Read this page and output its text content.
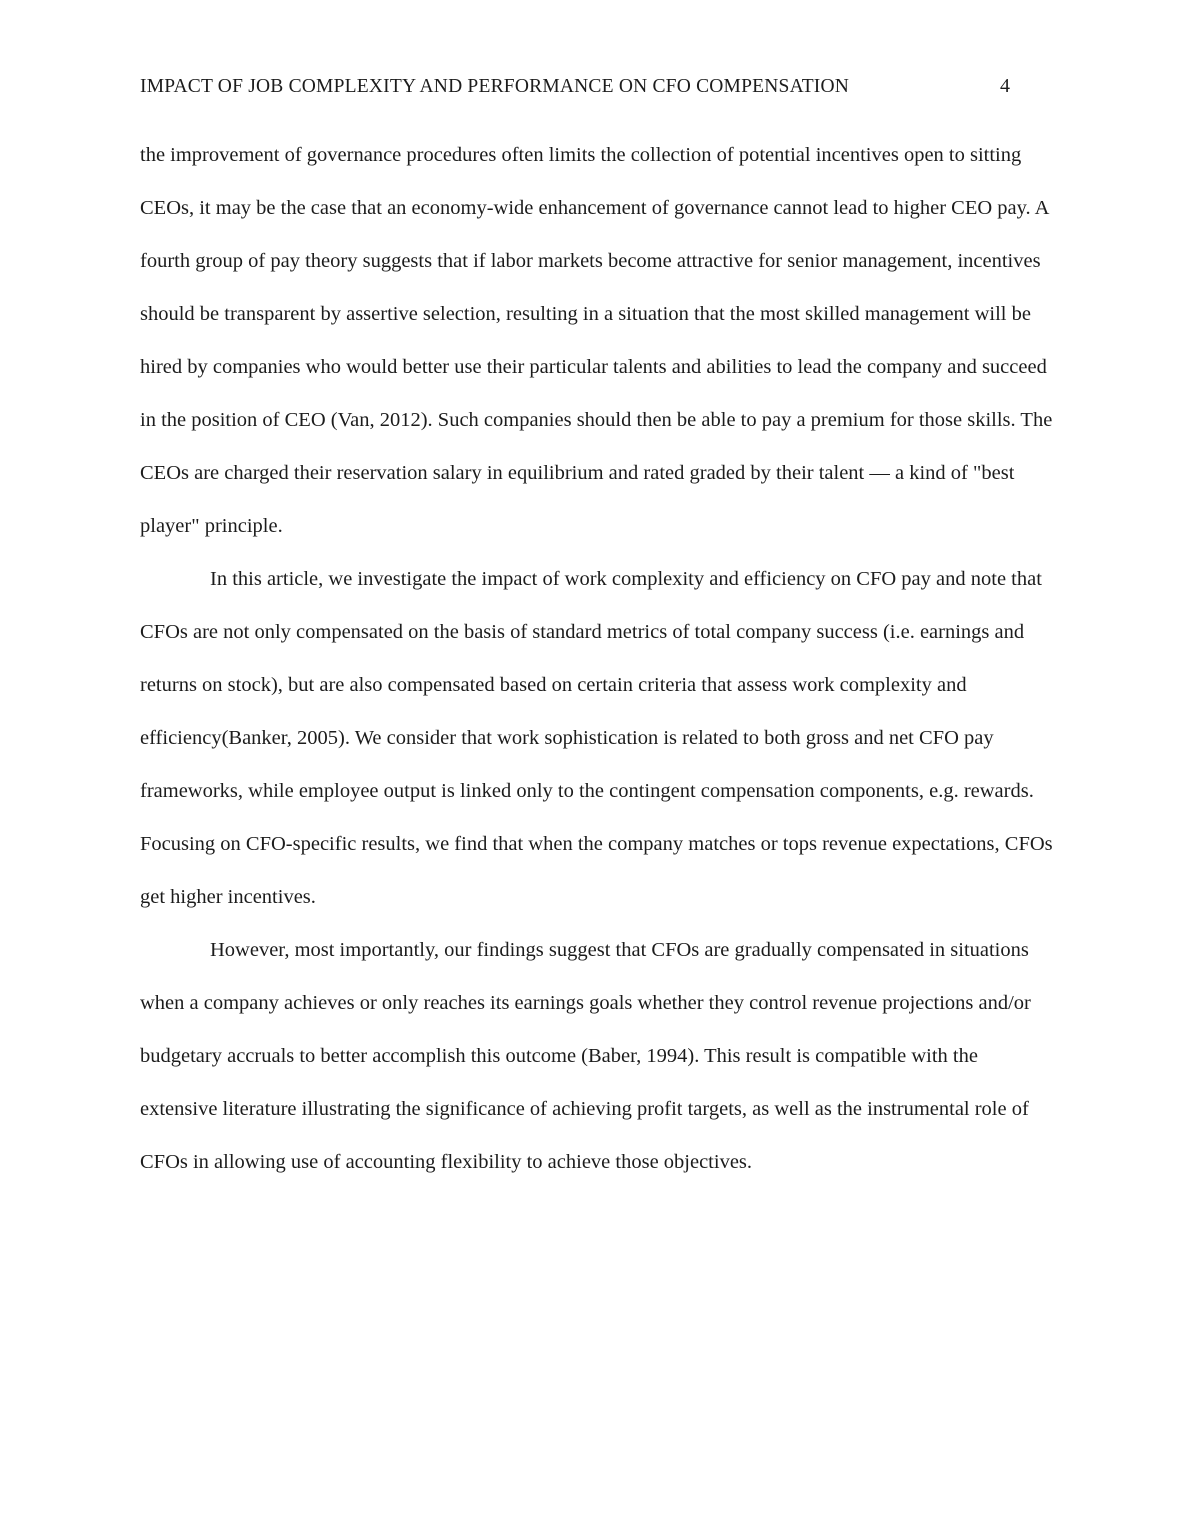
IMPACT OF JOB COMPLEXITY AND PERFORMANCE ON CFO COMPENSATION	4

the improvement of governance procedures often limits the collection of potential incentives open to sitting CEOs, it may be the case that an economy-wide enhancement of governance cannot lead to higher CEO pay. A fourth group of pay theory suggests that if labor markets become attractive for senior management, incentives should be transparent by assertive selection, resulting in a situation that the most skilled management will be hired by companies who would better use their particular talents and abilities to lead the company and succeed in the position of CEO (Van, 2012). Such companies should then be able to pay a premium for those skills. The CEOs are charged their reservation salary in equilibrium and rated graded by their talent — a kind of "best player" principle.

In this article, we investigate the impact of work complexity and efficiency on CFO pay and note that CFOs are not only compensated on the basis of standard metrics of total company success (i.e. earnings and returns on stock), but are also compensated based on certain criteria that assess work complexity and efficiency(Banker, 2005). We consider that work sophistication is related to both gross and net CFO pay frameworks, while employee output is linked only to the contingent compensation components, e.g. rewards. Focusing on CFO-specific results, we find that when the company matches or tops revenue expectations, CFOs get higher incentives.

However, most importantly, our findings suggest that CFOs are gradually compensated in situations when a company achieves or only reaches its earnings goals whether they control revenue projections and/or budgetary accruals to better accomplish this outcome (Baber, 1994). This result is compatible with the extensive literature illustrating the significance of achieving profit targets, as well as the instrumental role of CFOs in allowing use of accounting flexibility to achieve those objectives.
